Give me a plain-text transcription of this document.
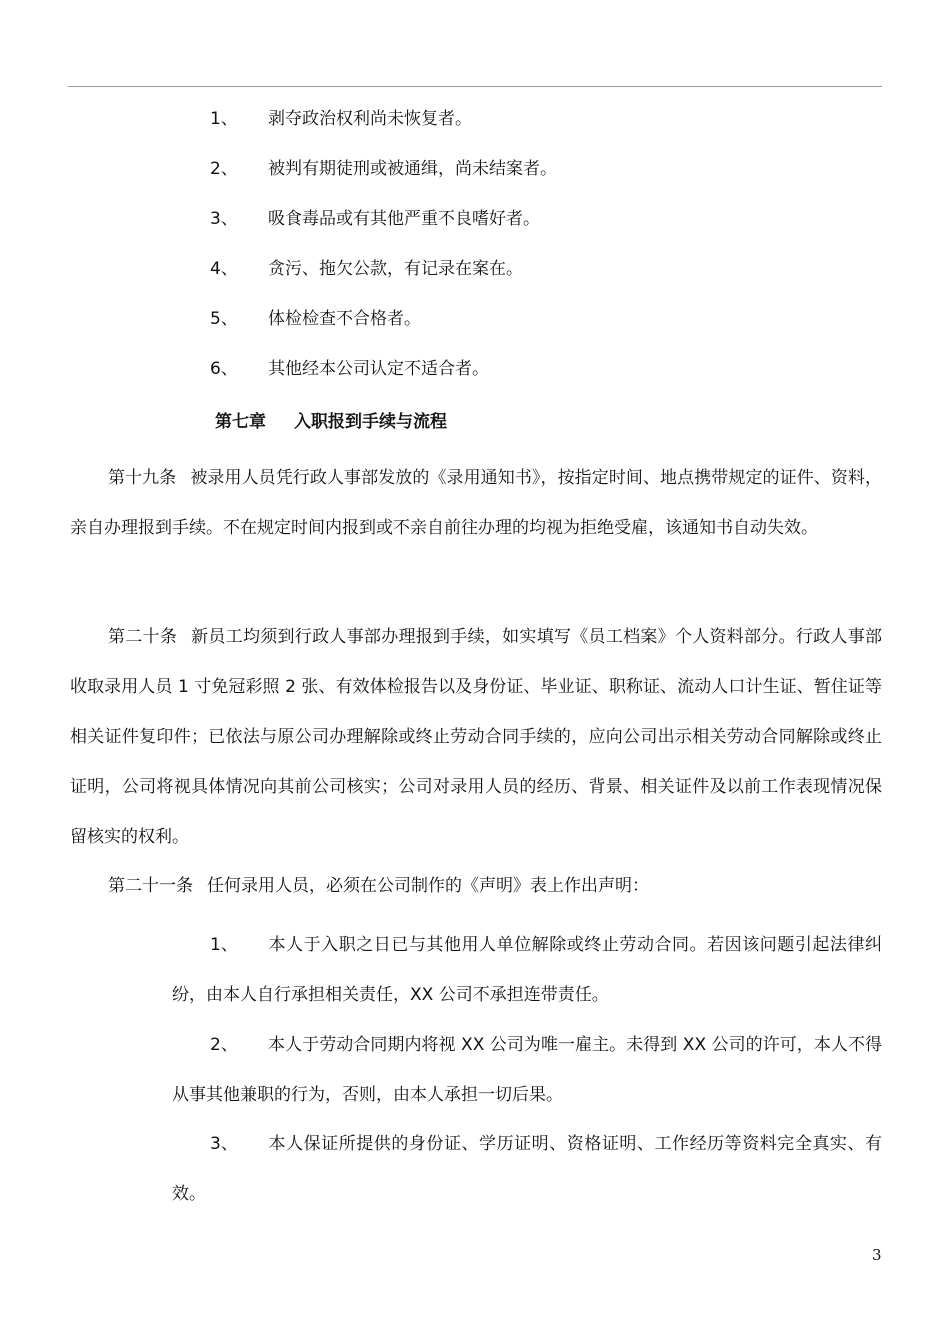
1、 剥夺政治权利尚未恢复者。
2、 被判有期徒刑或被通缉，尚未结案者。
3、 吸食毒品或有其他严重不良嗜好者。
4、 贪污、拖欠公款，有记录在案在。
5、 体检检查不合格者。
6、 其他经本公司认定不适合者。
第七章 入职报到手续与流程

第十九条 被录用人员凭行政人事部发放的《录用通知书》，按指定时间、地点携带规定的证件、资料，亲自办理报到手续。不在规定时间内报到或不亲自前往办理的均视为拒绝受雇，该通知书自动失效。

第二十条 新员工均须到行政人事部办理报到手续，如实填写《员工档案》个人资料部分。行政人事部收取录用人员 1 寸免冠彩照 2 张、有效体检报告以及身份证、毕业证、职称证、流动人口计生证、暂住证等相关证件复印件；已依法与原公司办理解除或终止劳动合同手续的，应向公司出示相关劳动合同解除或终止证明，公司将视具体情况向其前公司核实；公司对录用人员的经历、背景、相关证件及以前工作表现情况保留核实的权利。

第二十一条 任何录用人员，必须在公司制作的《声明》表上作出声明：

1、 本人于入职之日已与其他用人单位解除或终止劳动合同。若因该问题引起法律纠纷，由本人自行承担相关责任，XX 公司不承担连带责任。

2、 本人于劳动合同期内将视 XX 公司为唯一雇主。未得到 XX 公司的许可，本人不得从事其他兼职的行为，否则，由本人承担一切后果。

3、 本人保证所提供的身份证、学历证明、资格证明、工作经历等资料完全真实、有效。

3
